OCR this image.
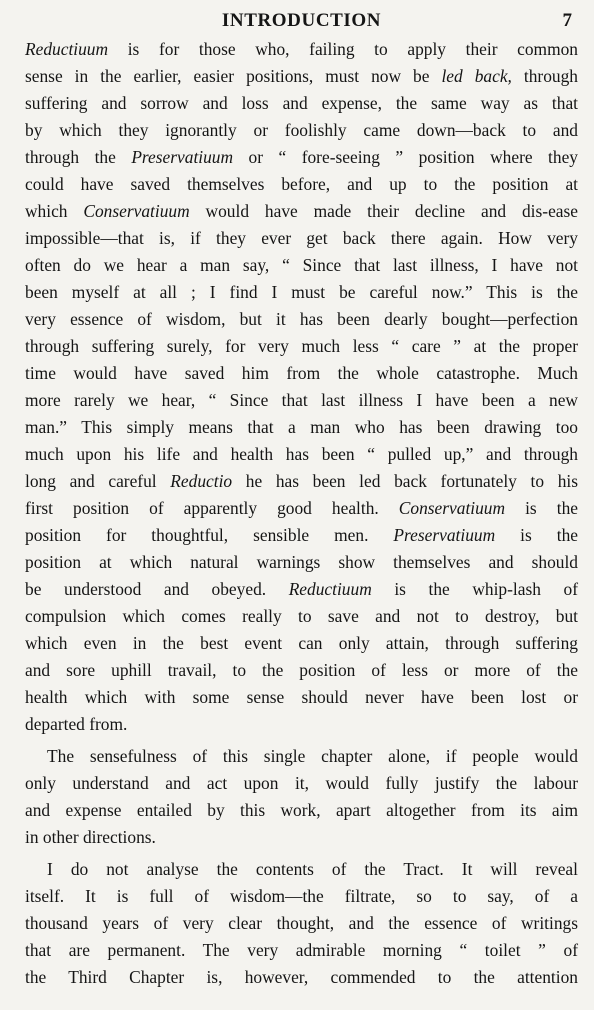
INTRODUCTION	7
Reductiuum is for those who, failing to apply their common
sense in the earlier, easier positions, must now be led back, through
suffering and sorrow and loss and expense, the same way as that
by which they ignorantly or foolishly came down—back to and
through the Preservatiuum or “ fore-seeing ” position where they
could have saved themselves before, and up to the position at
which Conservatiuum would have made their decline and dis-ease
impossible—that is, if they ever get back there again. How very
often do we hear a man say, “ Since that last illness, I have not
been myself at all ; I find I must be careful now.” This is the
very essence of wisdom, but it has been dearly bought—perfection
through suffering surely, for very much less “ care ” at the proper
time would have saved him from the whole catastrophe. Much
more rarely we hear, “ Since that last illness I have been a new
man.” This simply means that a man who has been drawing too
much upon his life and health has been “ pulled up,” and through
long and careful Reductio he has been led back fortunately to his
first position of apparently good health. Conservatiuum is the
position for thoughtful, sensible men. Preservatiuum is the
position at which natural warnings show themselves and should
be understood and obeyed. Reductiuum is the whip-lash of
compulsion which comes really to save and not to destroy, but
which even in the best event can only attain, through suffering
and sore uphill travail, to the position of less or more of the
health which with some sense should never have been lost or
departed from.
The sensefulness of this single chapter alone, if people would
only understand and act upon it, would fully justify the labour
and expense entailed by this work, apart altogether from its aim
in other directions.
I do not analyse the contents of the Tract. It will reveal
itself. It is full of wisdom—the filtrate, so to say, of a
thousand years of very clear thought, and the essence of writings
that are permanent. The very admirable morning “ toilet ” of
the Third Chapter is, however, commended to the attention
